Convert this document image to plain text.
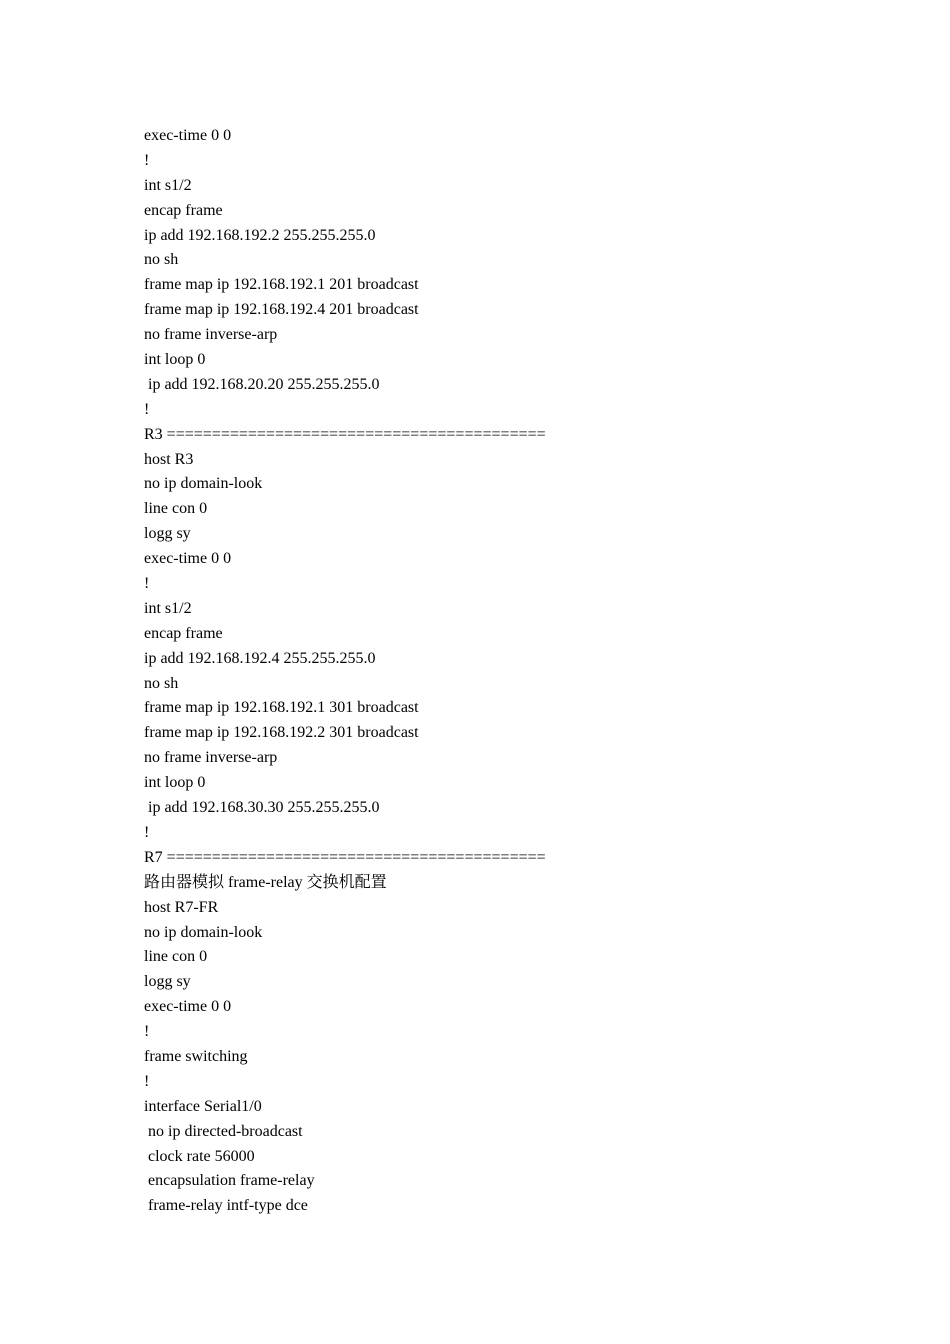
exec-time 0 0
!
int s1/2
encap frame
ip add 192.168.192.2 255.255.255.0
no sh
frame map ip 192.168.192.1 201 broadcast
frame map ip 192.168.192.4 201 broadcast
no frame inverse-arp
int loop 0
ip add 192.168.20.20 255.255.255.0
!
R3 ==========================================
host R3
no ip domain-look
line con 0
logg sy
exec-time 0 0
!
int s1/2
encap frame
ip add 192.168.192.4 255.255.255.0
no sh
frame map ip 192.168.192.1 301 broadcast
frame map ip 192.168.192.2 301 broadcast
no frame inverse-arp
int loop 0
ip add 192.168.30.30 255.255.255.0
!
R7 ==========================================
路由器模拟 frame-relay 交换机配置
host R7-FR
no ip domain-look
line con 0
logg sy
exec-time 0 0
!
frame switching
!
interface Serial1/0
no ip directed-broadcast
clock rate 56000
encapsulation frame-relay
frame-relay intf-type dce
